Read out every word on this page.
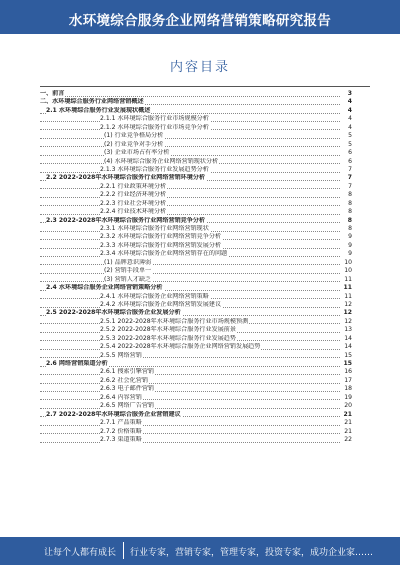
水环境综合服务企业网络营销策略研究报告
内容目录
一、前言	3
二、水环境综合服务行业网络营销概述	4
2.1 水环境综合服务行业发展现状概述	4
2.1.1 水环境综合服务行业市场规模分析	4
2.1.2 水环境综合服务行业市场竞争分析	4
(1) 行业竞争格局分析	5
(2) 行业竞争对手分析	5
(3) 企业市场占有率分析	6
(4) 水环境综合服务企业网络营销现状分析	6
2.1.3 水环境综合服务行业发展趋势分析	7
2.2 2022-2028年水环境综合服务行业网络营销环境分析	7
2.2.1 行业政策环境分析	7
2.2.2 行业经济环境分析	8
2.2.3 行业社会环境分析	8
2.2.4 行业技术环境分析	8
2.3 2022-2028年水环境综合服务行业网络营销竞争分析	8
2.3.1 水环境综合服务行业网络营销现状	8
2.3.2 水环境综合服务行业网络营销竞争分析	9
2.3.3 水环境综合服务行业网络营销发展分析	9
2.3.4 水环境综合服务企业网络营销存在的问题	9
(1) 品牌意识薄弱	10
(2) 营销手段单一	10
(3) 营销人才缺乏	11
2.4 水环境综合服务企业网络营销策略分析	11
2.4.1 水环境综合服务企业网络营销策略	11
2.4.2 水环境综合服务企业网络营销发展建议	12
2.5 2022-2028年水环境综合服务企业发展分析	12
2.5.1 2022-2028年水环境综合服务行业市场规模预测	12
2.5.2 2022-2028年水环境综合服务行业发展前景	13
2.5.3 2022-2028年水环境综合服务行业发展趋势	14
2.5.4 2022-2028年水环境综合服务企业网络营销发展趋势	14
2.5.5 网络营销	15
2.6 网络营销渠道分析	15
2.6.1 搜索引擎营销	16
2.6.2 社会化营销	17
2.6.3 电子邮件营销	18
2.6.4 内容营销	19
2.6.5 网络广告营销	20
2.7 2022-2028年水环境综合服务企业营销建议	21
2.7.1 产品策略	21
2.7.2 价格策略	21
2.7.3 渠道策略	22
让每个人都有成长 行业专家，营销专家，管理专家，投资专家，成功企业家……
